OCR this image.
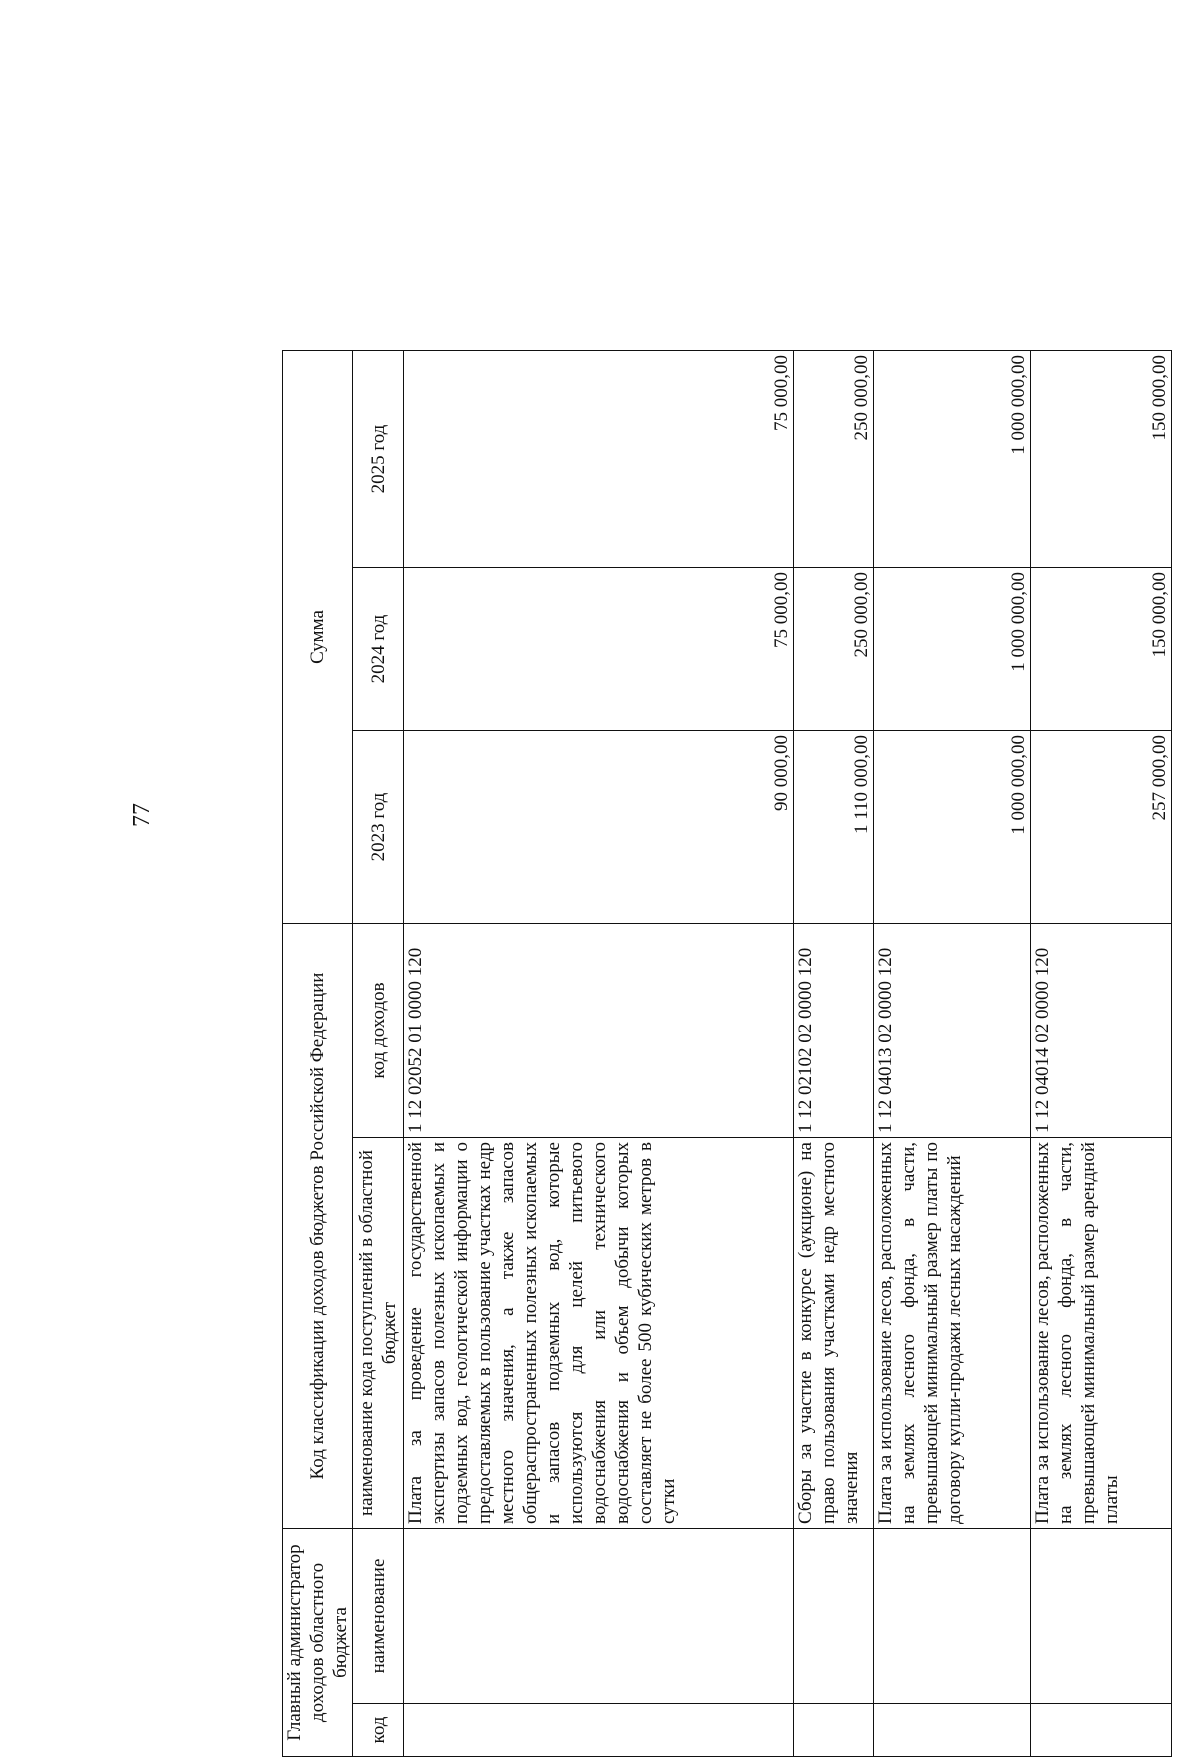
77
Главный администратор доходов областного бюджета		Код классификации доходов бюджетов Российской Федерации		Сумма		
код	наименование	наименование кода поступлений в областной бюджет	код доходов	2023 год	2024 год	2025 год
		Плата за проведение государственной экспертизы запасов полезных ископаемых и подземных вод, геологической информации о предоставляемых в пользование участках недр местного значения, а также запасов общераспространенных полезных ископаемых и запасов подземных вод, которые используются для целей питьевого водоснабжения или технического водоснабжения и объем добычи которых составляет не более 500 кубических метров в сутки	1 12 02052 01 0000 120	90 000,00	75 000,00	75 000,00
		Сборы за участие в конкурсе (аукционе) на право пользования участками недр местного значения	1 12 02102 02 0000 120	1 110 000,00	250 000,00	250 000,00
		Плата за использование лесов, расположенных на землях лесного фонда, в части, превышающей минимальный размер платы по договору купли-продажи лесных насаждений	1 12 04013 02 0000 120	1 000 000,00	1 000 000,00	1 000 000,00
		Плата за использование лесов, расположенных на землях лесного фонда, в части, превышающей минимальный размер арендной платы	1 12 04014 02 0000 120	257 000,00	150 000,00	150 000,00
